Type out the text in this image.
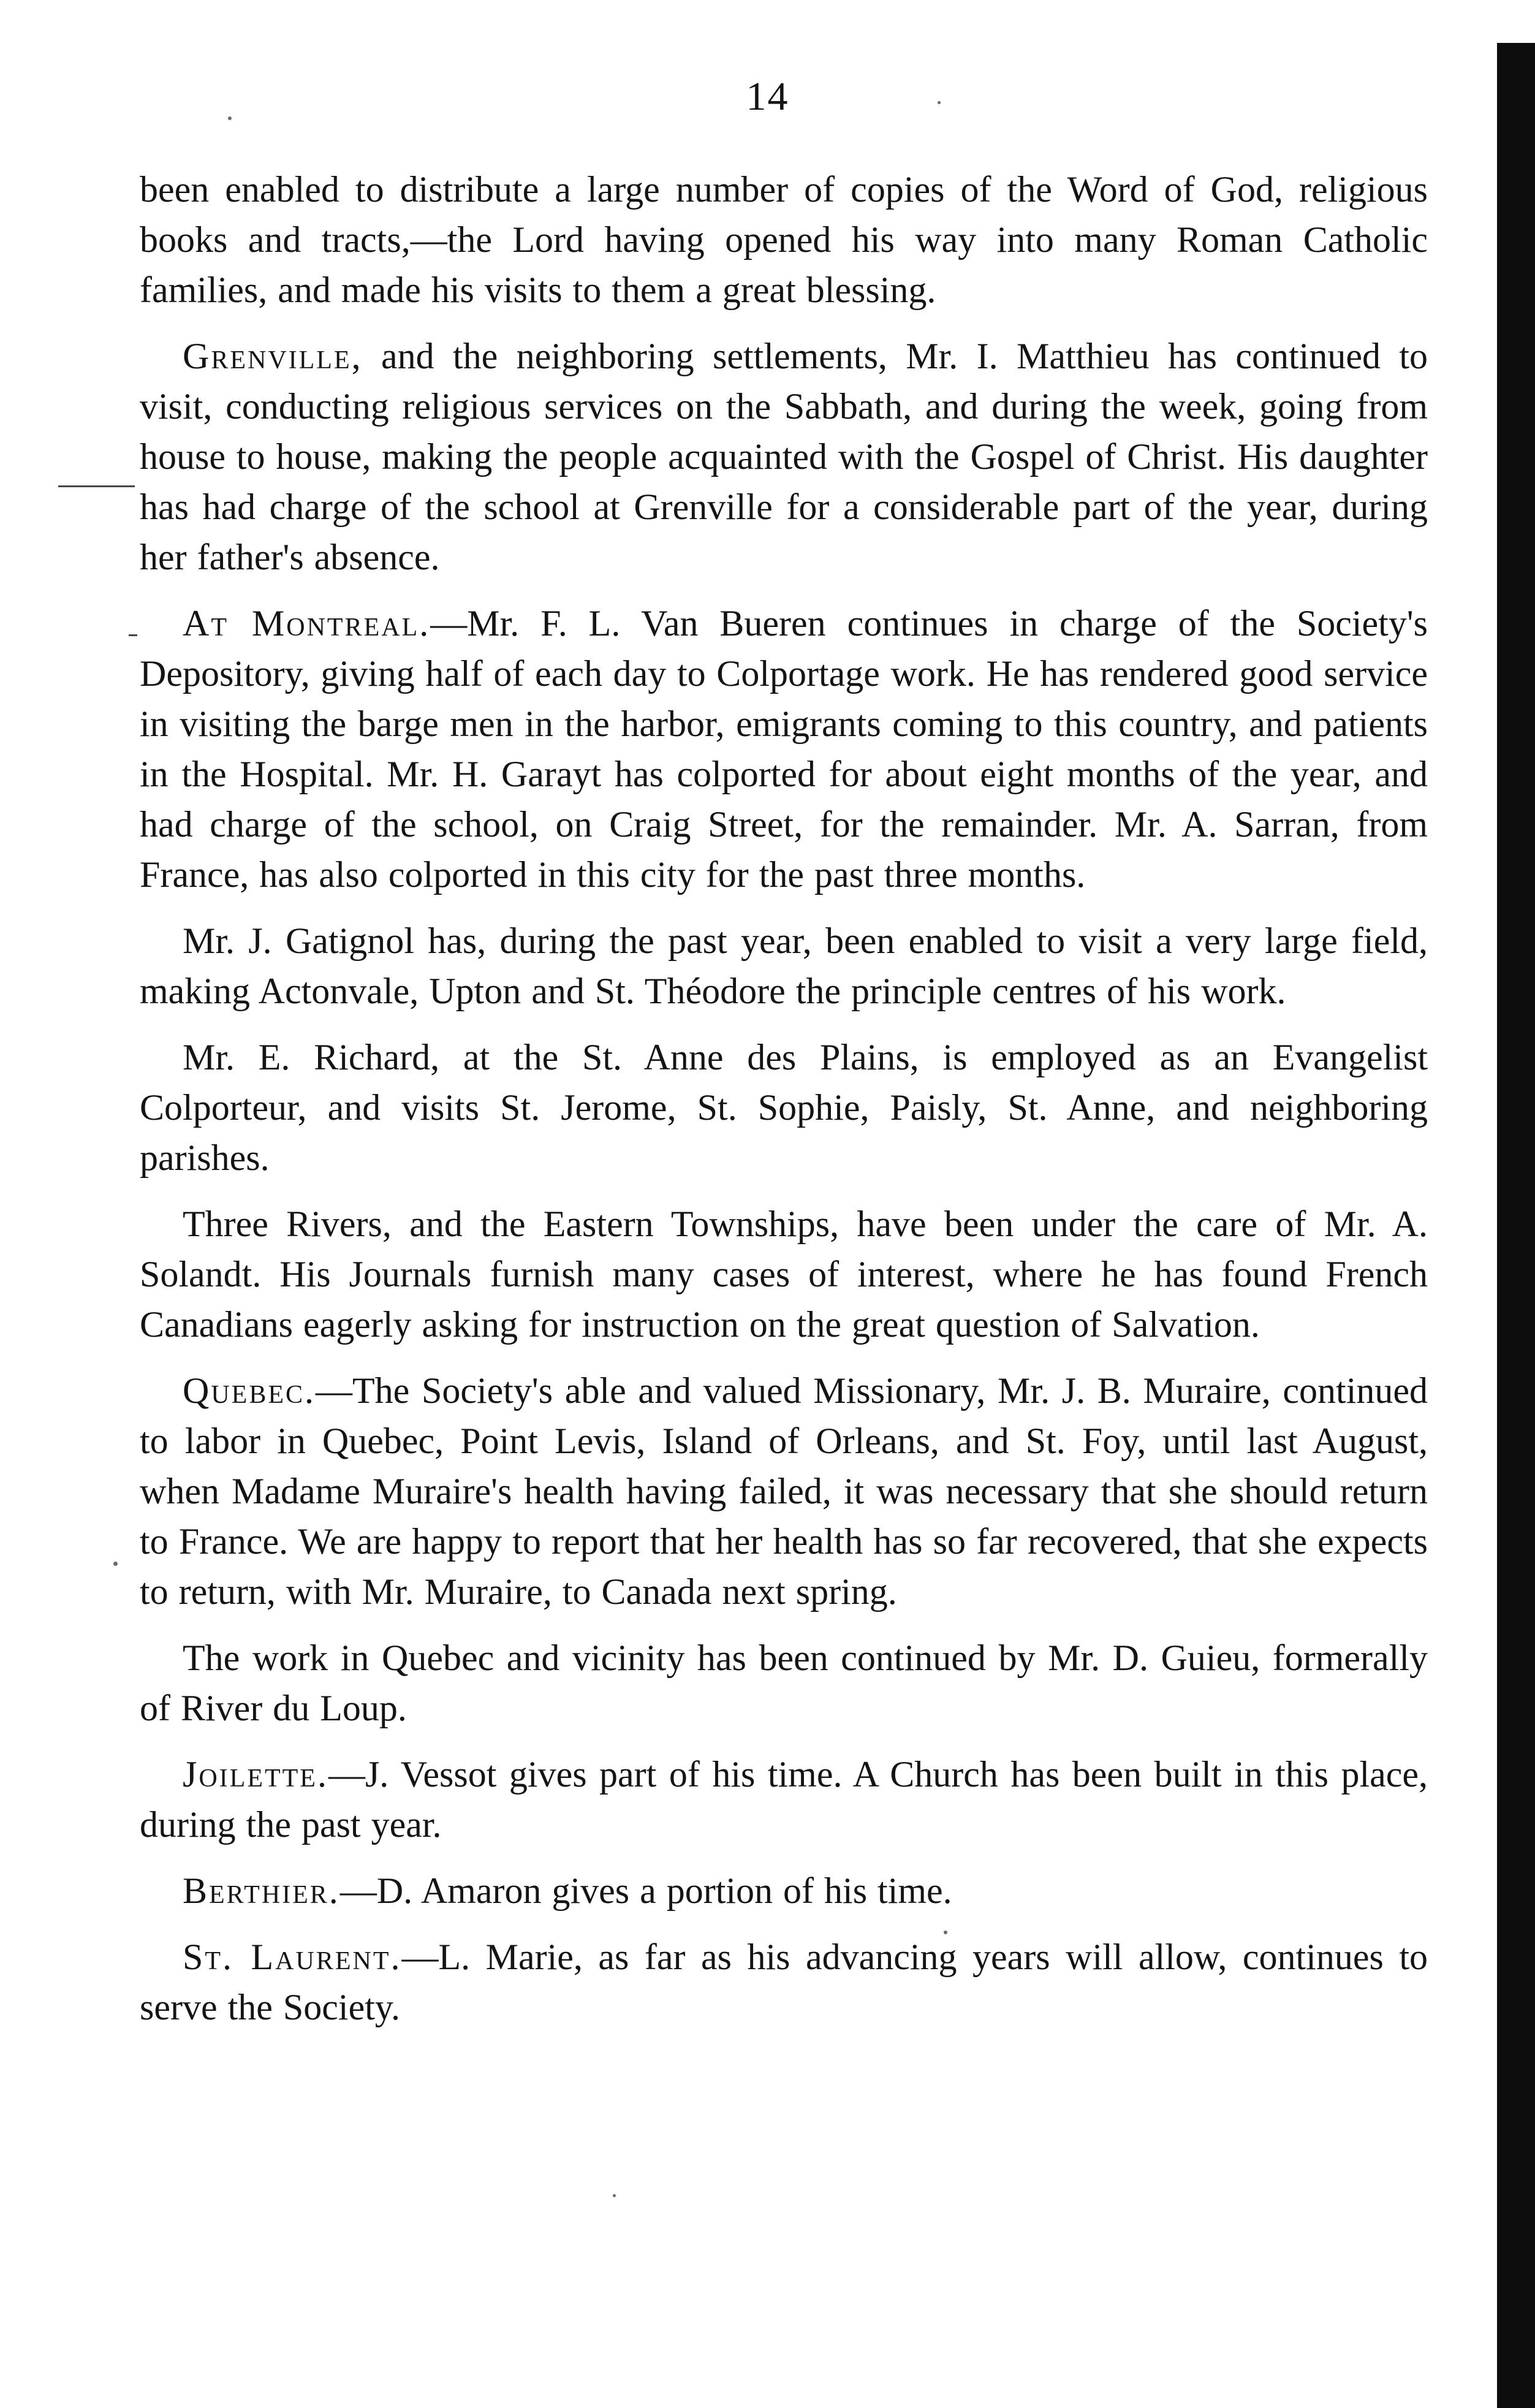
14

been enabled to distribute a large number of copies of the Word of God, religious books and tracts,—the Lord having opened his way into many Roman Catholic families, and made his visits to them a great blessing.

Grenville, and the neighboring settlements, Mr. I. Matthieu has continued to visit, conducting religious services on the Sabbath, and during the week, going from house to house, making the people acquainted with the Gospel of Christ. His daughter has had charge of the school at Grenville for a considerable part of the year, during her father's absence.

At Montreal.—Mr. F. L. Van Bueren continues in charge of the Society's Depository, giving half of each day to Colportage work. He has rendered good service in visiting the barge men in the harbor, emigrants coming to this country, and patients in the Hospital. Mr. H. Garayt has colported for about eight months of the year, and had charge of the school, on Craig Street, for the remainder. Mr. A. Sarran, from France, has also colported in this city for the past three months.

Mr. J. Gatignol has, during the past year, been enabled to visit a very large field, making Actonvale, Upton and St. Théodore the principle centres of his work.

Mr. E. Richard, at the St. Anne des Plains, is employed as an Evangelist Colporteur, and visits St. Jerome, St. Sophie, Paisly, St. Anne, and neighboring parishes.

Three Rivers, and the Eastern Townships, have been under the care of Mr. A. Solandt. His Journals furnish many cases of interest, where he has found French Canadians eagerly asking for instruction on the great question of Salvation.

Quebec.—The Society's able and valued Missionary, Mr. J. B. Muraire, continued to labor in Quebec, Point Levis, Island of Orleans, and St. Foy, until last August, when Madame Muraire's health having failed, it was necessary that she should return to France. We are happy to report that her health has so far recovered, that she expects to return, with Mr. Muraire, to Canada next spring.

The work in Quebec and vicinity has been continued by Mr. D. Guieu, formerally of River du Loup.

Joilette.—J. Vessot gives part of his time. A Church has been built in this place, during the past year.

Berthier.—D. Amaron gives a portion of his time.

St. Laurent.—L. Marie, as far as his advancing years will allow, continues to serve the Society.
